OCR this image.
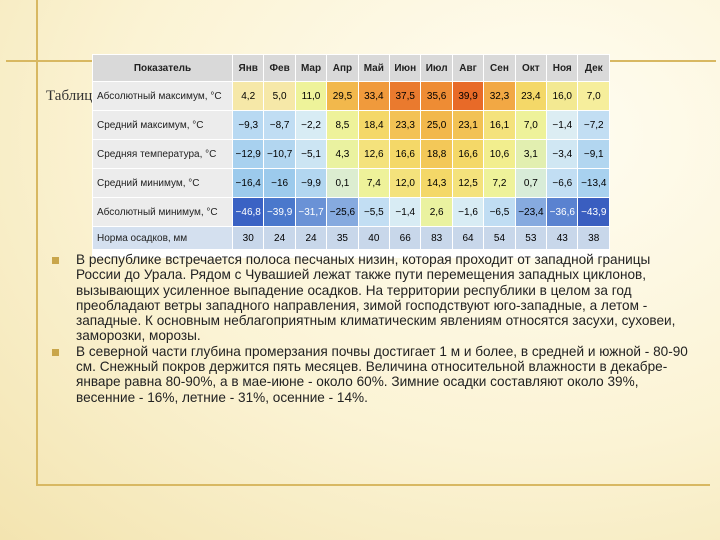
Таблиц
Показатель	Янв	Фев	Мар	Апр	Май	Июн	Июл	Авг	Сен	Окт	Ноя	Дек
Абсолютный максимум, °C	4,2	5,0	11,0	29,5	33,4	37,5	35,6	39,9	32,3	23,4	16,0	7,0
Средний максимум, °C	−9,3	−8,7	−2,2	8,5	18,4	23,3	25,0	23,1	16,1	7,0	−1,4	−7,2
Средняя температура, °C	−12,9	−10,7	−5,1	4,3	12,6	16,6	18,8	16,6	10,6	3,1	−3,4	−9,1
Средний минимум, °C	−16,4	−16	−9,9	0,1	7,4	12,0	14,3	12,5	7,2	0,7	−6,6	−13,4
Абсолютный минимум, °C	−46,8	−39,9	−31,7	−25,6	−5,5	−1,4	2,6	−1,6	−6,5	−23,4	−36,6	−43,9
Норма осадков, мм	30	24	24	35	40	66	83	64	54	53	43	38

В республике встречается полоса песчаных низин, которая проходит от западной границы России до Урала. Рядом с Чувашией лежат также пути перемещения западных циклонов, вызывающих усиленное выпадение осадков. На территории республики в целом за год преобладают ветры западного направления, зимой господствуют юго-западные, а летом - западные. К основным неблагоприятным климатическим явлениям относятся засухи, суховеи, заморозки, морозы.

В северной части глубина промерзания почвы достигает 1 м и более, в средней и южной - 80-90 см. Снежный покров держится пять месяцев. Величина относительной влажности в декабре-январе равна 80-90%, а в мае-июне - около 60%. Зимние осадки составляют около 39%, весенние - 16%, летние - 31%, осенние - 14%.
